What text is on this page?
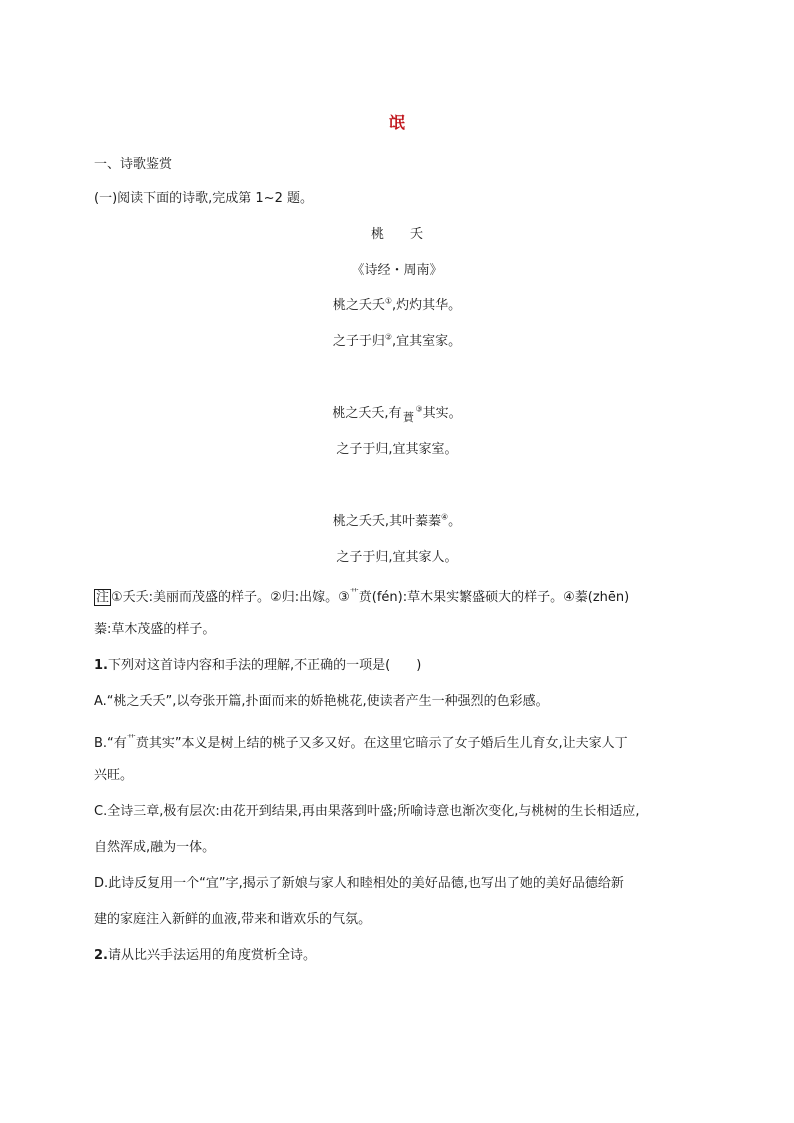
氓
一、诗歌鉴赏
(一)阅读下面的诗歌,完成第 1~2 题。
桃　　夭
《诗经・周南》
桃之夭夭①,灼灼其华。
之子于归②,宜其室家。
桃之夭夭,有 $_蕡$③其实。
之子于归,宜其家室。
桃之夭夭,其叶蓁蓁④。
之子于归,宜其家人。
注 ①夭夭:美丽而茂盛的样子。②归:出嫁。③$^艹$贲(fén):草木果实繁盛硕大的样子。④蓁(zhēn)
蓁:草木茂盛的样子。
1.下列对这首诗内容和手法的理解,不正确的一项是(　　)
A.“桃之夭夭”,以夸张开篇,扑面而来的娇艳桃花,使读者产生一种强烈的色彩感。
B.“有$^艹$贲其实”本义是树上结的桃子又多又好。在这里它暗示了女子婚后生儿育女,让夫家人丁
兴旺。
C.全诗三章,极有层次:由花开到结果,再由果落到叶盛;所喻诗意也渐次变化,与桃树的生长相适应,
自然浑成,融为一体。
D.此诗反复用一个“宜”字,揭示了新娘与家人和睦相处的美好品德,也写出了她的美好品德给新
建的家庭注入新鲜的血液,带来和谐欢乐的气氛。
2.请从比兴手法运用的角度赏析全诗。
